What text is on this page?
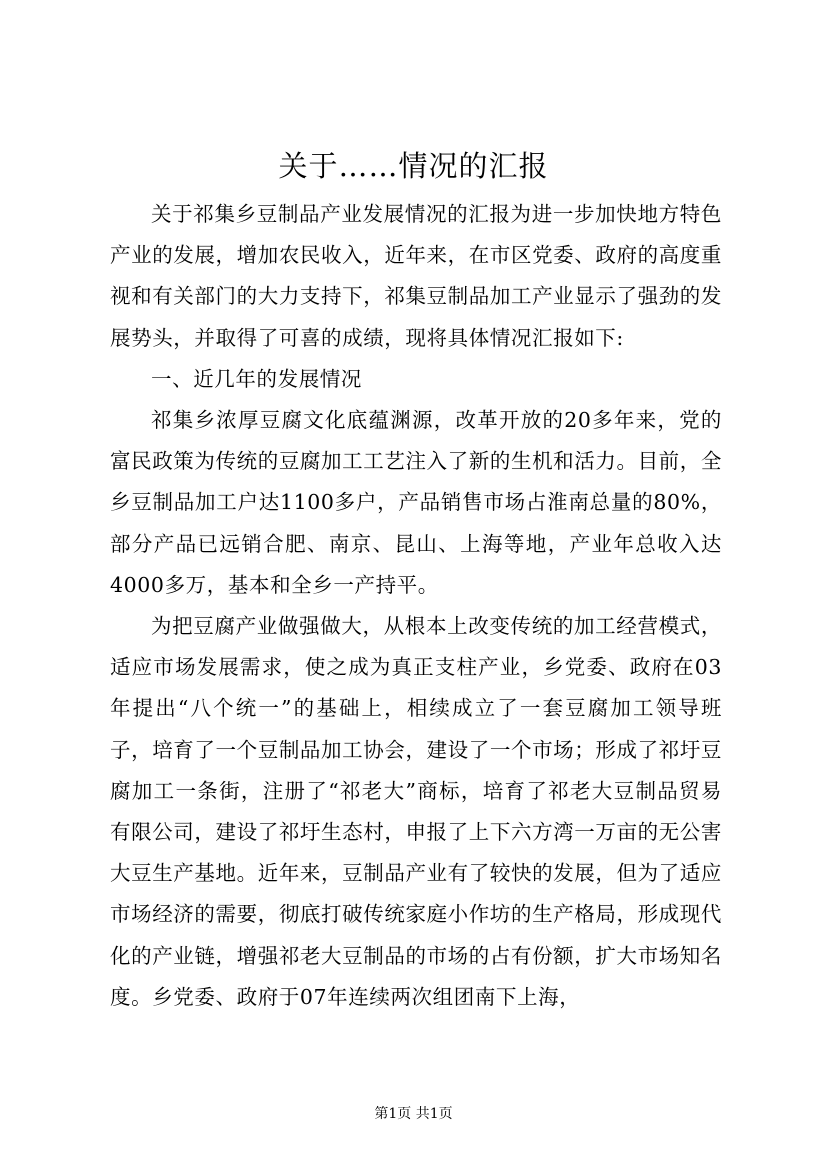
关于……情况的汇报

关于祁集乡豆制品产业发展情况的汇报为进一步加快地方特色产业的发展，增加农民收入，近年来，在市区党委、政府的高度重视和有关部门的大力支持下，祁集豆制品加工产业显示了强劲的发展势头，并取得了可喜的成绩，现将具体情况汇报如下:

一、近几年的发展情况

祁集乡浓厚豆腐文化底蕴渊源，改革开放的20多年来，党的富民政策为传统的豆腐加工工艺注入了新的生机和活力。目前，全乡豆制品加工户达1100多户，产品销售市场占淮南总量的80%，部分产品已远销合肥、南京、昆山、上海等地，产业年总收入达4000多万，基本和全乡一产持平。

为把豆腐产业做强做大，从根本上改变传统的加工经营模式，适应市场发展需求，使之成为真正支柱产业，乡党委、政府在03年提出“八个统一”的基础上，相续成立了一套豆腐加工领导班子，培育了一个豆制品加工协会，建设了一个市场；形成了祁圩豆腐加工一条街，注册了“祁老大”商标，培育了祁老大豆制品贸易有限公司，建设了祁圩生态村，申报了上下六方湾一万亩的无公害大豆生产基地。近年来，豆制品产业有了较快的发展，但为了适应市场经济的需要，彻底打破传统家庭小作坊的生产格局，形成现代化的产业链，增强祁老大豆制品的市场的占有份额，扩大市场知名度。乡党委、政府于07年连续两次组团南下上海，

第1页 共1页
